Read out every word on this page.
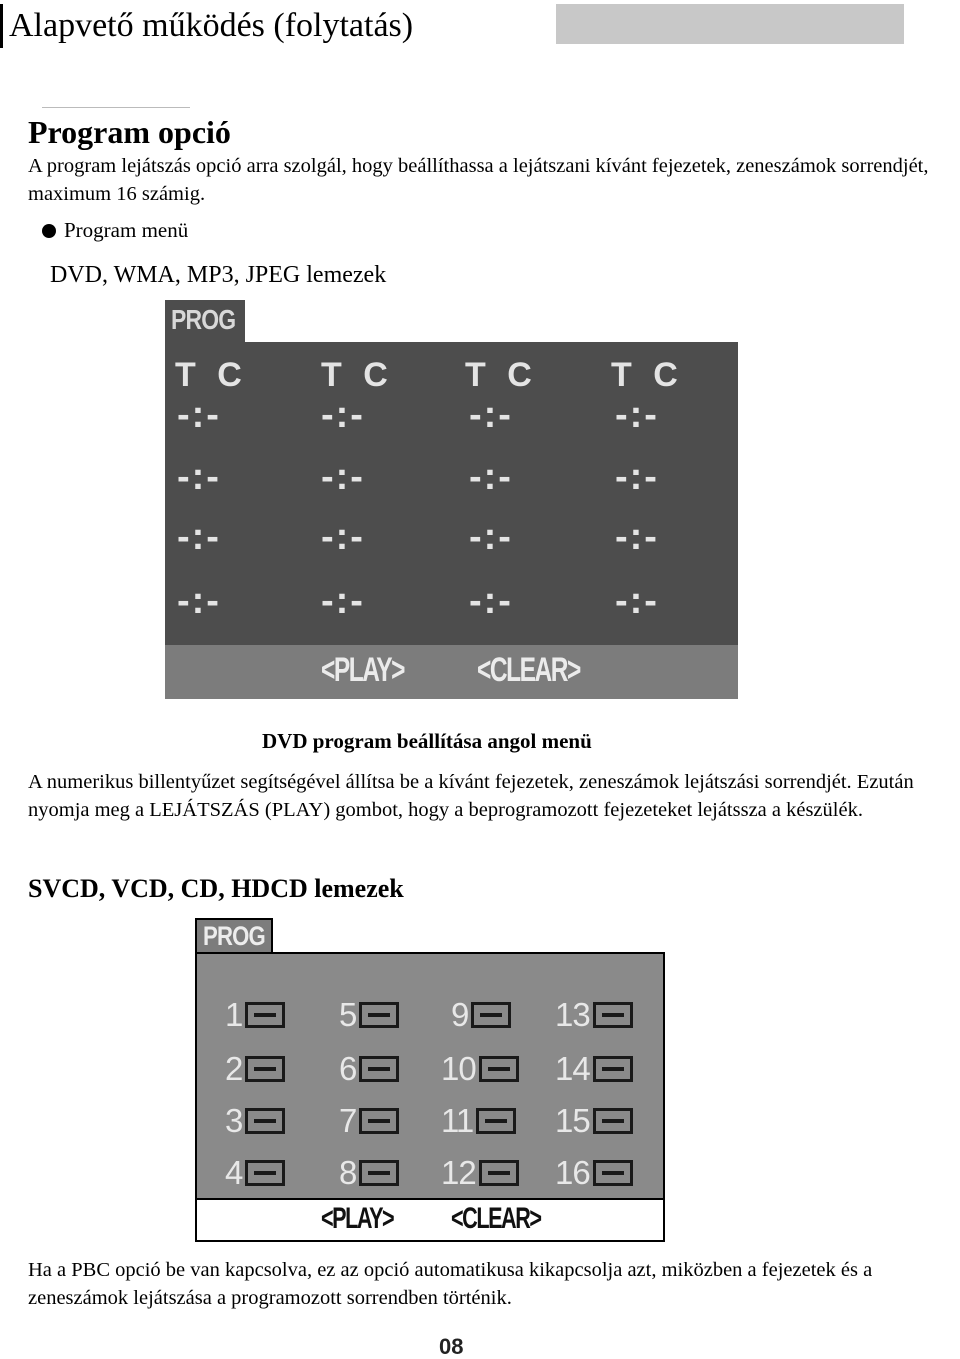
Alapvető működés (folytatás)
Program opció
A program lejátszás opció arra szolgál, hogy beállíthassa a lejátszani kívánt fejezetek, zeneszámok sorrendjét, maximum 16 számig.
Program menü
DVD, WMA, MP3, JPEG lemezek
PROG
T C T C T C T C
-:-	-:-	-:-	-:-
-:-	-:-	-:-	-:-
-:-	-:-	-:-	-:-
-:-	-:-	-:-	-:-
<PLAY> <CLEAR>
DVD program beállítása angol menü
A numerikus billentyűzet segítségével állítsa be a kívánt fejezetek, zeneszámok lejátszási sorrendjét. Ezután nyomja meg a LEJÁTSZÁS (PLAY) gombot, hogy a beprogramozott fejezeteket lejátssza a készülék.
SVCD, VCD, CD, HDCD lemezek
PROG
1	5	9	13
2	6	10 14
3	7	11 15
4	8	12 16
<PLAY> <CLEAR>
Ha a PBC opció be van kapcsolva, ez az opció automatikusa kikapcsolja azt, miközben a fejezetek és a zeneszámok lejátszása a programozott sorrendben történik.
08
